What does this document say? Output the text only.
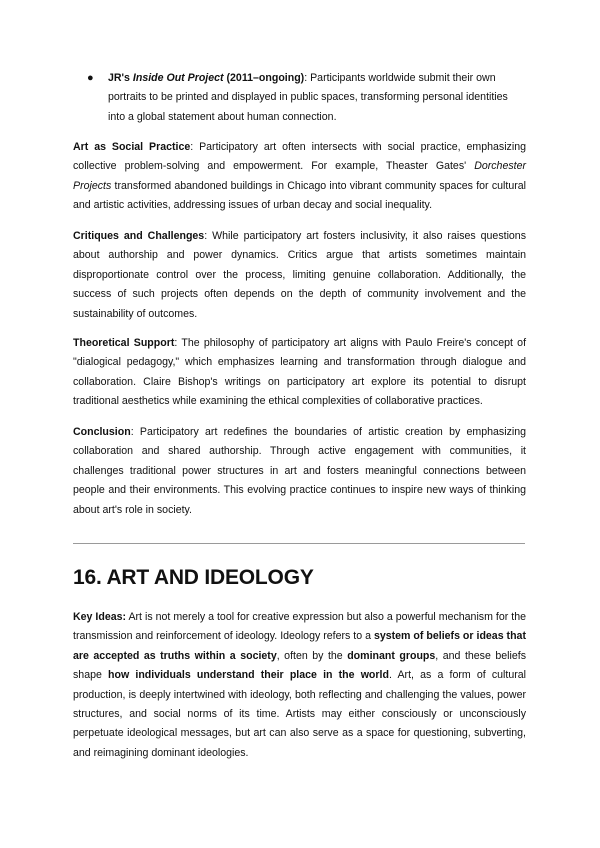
●	JR's Inside Out Project (2011–ongoing): Participants worldwide submit their own portraits to be printed and displayed in public spaces, transforming personal identities into a global statement about human connection.

Art as Social Practice: Participatory art often intersects with social practice, emphasizing collective problem-solving and empowerment. For example, Theaster Gates' Dorchester Projects transformed abandoned buildings in Chicago into vibrant community spaces for cultural and artistic activities, addressing issues of urban decay and social inequality.

Critiques and Challenges: While participatory art fosters inclusivity, it also raises questions about authorship and power dynamics. Critics argue that artists sometimes maintain disproportionate control over the process, limiting genuine collaboration. Additionally, the success of such projects often depends on the depth of community involvement and the sustainability of outcomes.

Theoretical Support: The philosophy of participatory art aligns with Paulo Freire's concept of "dialogical pedagogy," which emphasizes learning and transformation through dialogue and collaboration. Claire Bishop's writings on participatory art explore its potential to disrupt traditional aesthetics while examining the ethical complexities of collaborative practices.

Conclusion: Participatory art redefines the boundaries of artistic creation by emphasizing collaboration and shared authorship. Through active engagement with communities, it challenges traditional power structures in art and fosters meaningful connections between people and their environments. This evolving practice continues to inspire new ways of thinking about art's role in society.

16. ART AND IDEOLOGY

Key Ideas: Art is not merely a tool for creative expression but also a powerful mechanism for the transmission and reinforcement of ideology. Ideology refers to a system of beliefs or ideas that are accepted as truths within a society, often by the dominant groups, and these beliefs shape how individuals understand their place in the world. Art, as a form of cultural production, is deeply intertwined with ideology, both reflecting and challenging the values, power structures, and social norms of its time. Artists may either consciously or unconsciously perpetuate ideological messages, but art can also serve as a space for questioning, subverting, and reimagining dominant ideologies.
